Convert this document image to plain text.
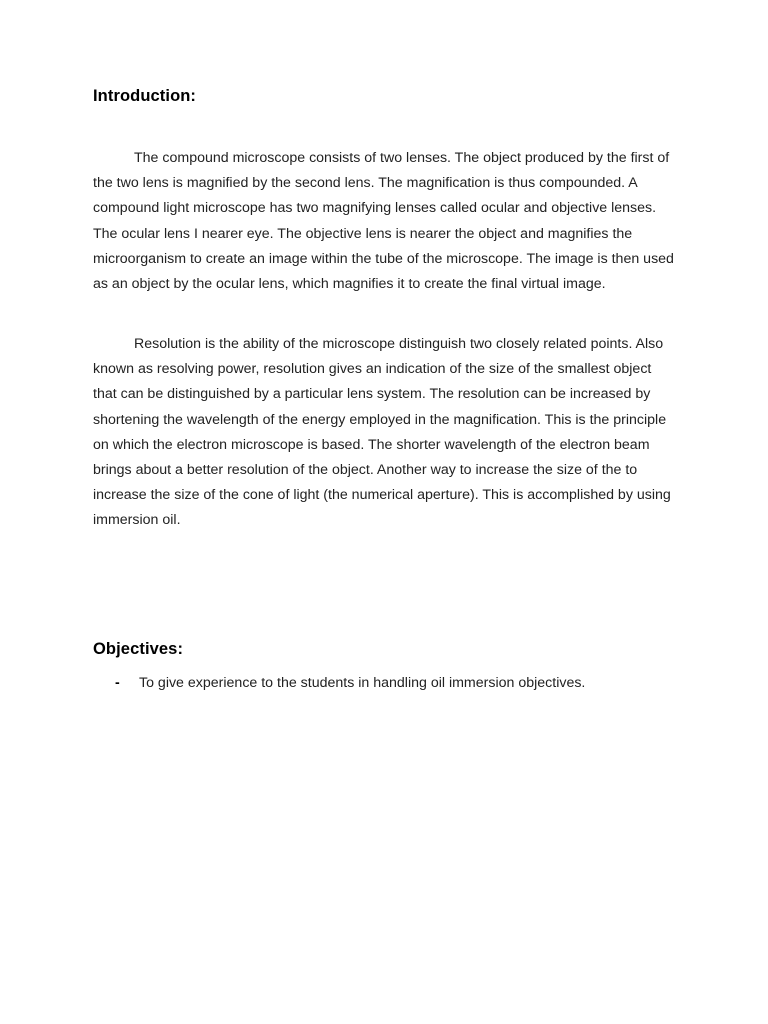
Introduction:

The compound microscope consists of two lenses. The object produced by the first of the two lens is magnified by the second lens. The magnification is thus compounded. A compound light microscope has two magnifying lenses called ocular and objective lenses. The ocular lens I nearer eye. The objective lens is nearer the object and magnifies the microorganism to create an image within the tube of the microscope. The image is then used as an object by the ocular lens, which magnifies it to create the final virtual image.

Resolution is the ability of the microscope distinguish two closely related points. Also known as resolving power, resolution gives an indication of the size of the smallest object that can be distinguished by a particular lens system. The resolution can be increased by shortening the wavelength of the energy employed in the magnification. This is the principle on which the electron microscope is based. The shorter wavelength of the electron beam brings about a better resolution of the object. Another way to increase the size of the to increase the size of the cone of light (the numerical aperture). This is accomplished by using immersion oil.

Objectives:
- To give experience to the students in handling oil immersion objectives.
